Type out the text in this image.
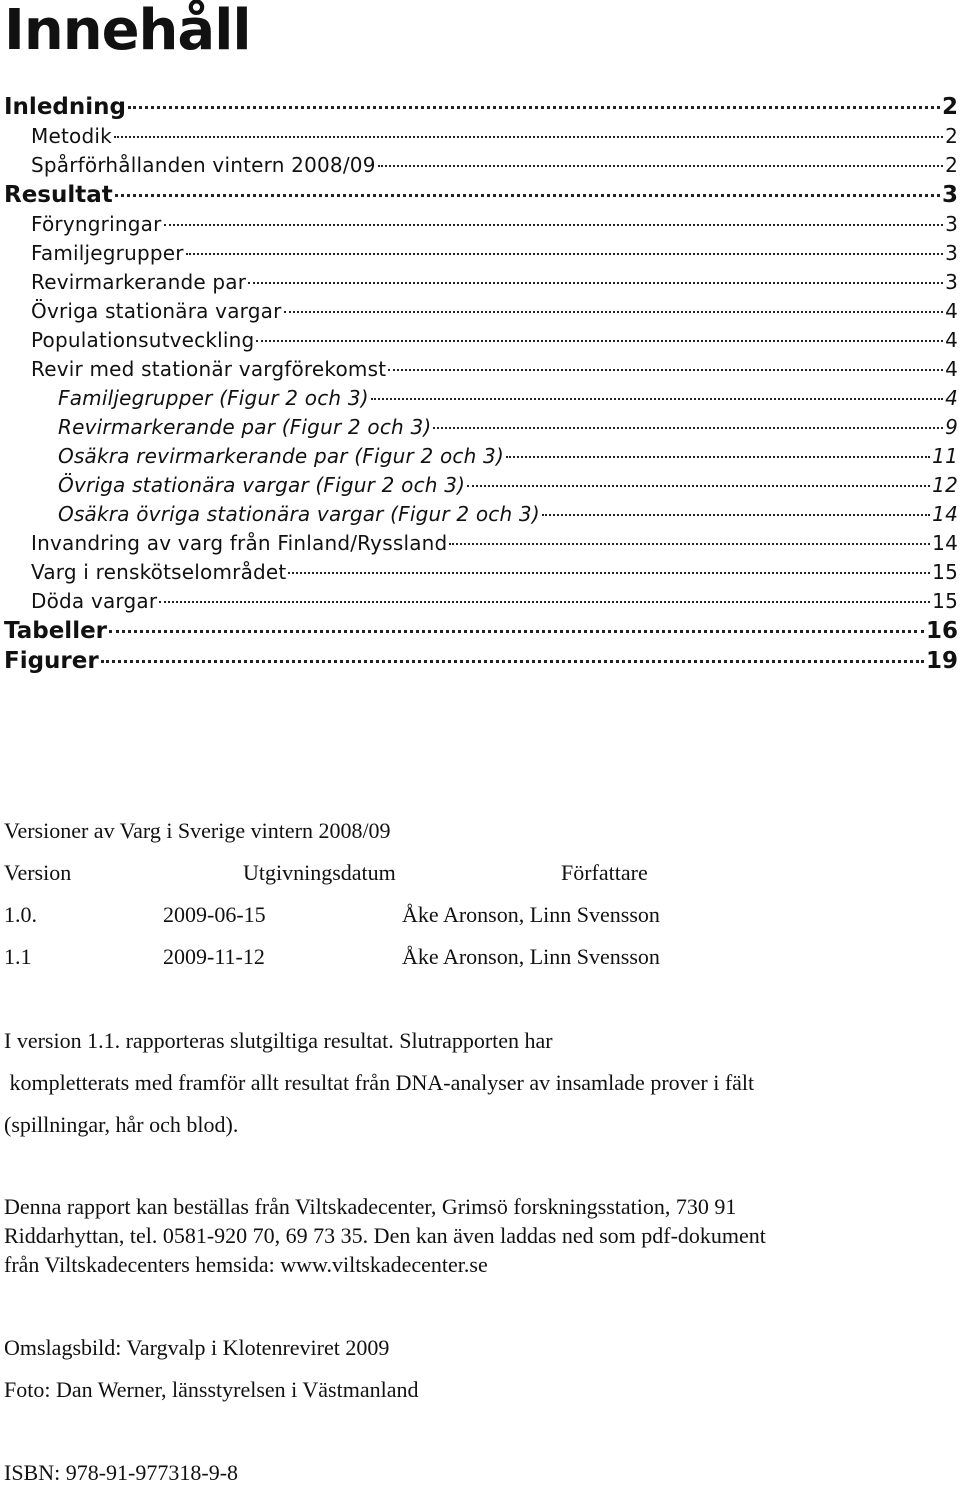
Innehåll
Inledning	2
Metodik	2
Spårförhållanden vintern 2008/09	2
Resultat	3
Föryngringar	3
Familjegrupper	3
Revirmarkerande par	3
Övriga stationära vargar	4
Populationsutveckling	4
Revir med stationär vargförekomst	4
Familjegrupper (Figur 2 och 3)	4
Revirmarkerande par (Figur 2 och 3)	9
Osäkra revirmarkerande par (Figur 2 och 3)	11
Övriga stationära vargar (Figur 2 och 3)	12
Osäkra övriga stationära vargar (Figur 2 och 3)	14
Invandring av varg från Finland/Ryssland	14
Varg i renskötselområdet	15
Döda vargar	15
Tabeller	16
Figurer	19
Versioner av Varg i Sverige vintern 2008/09
Version	Utgivningsdatum	Författare
1.0.	2009-06-15	Åke Aronson, Linn Svensson
1.1	2009-11-12	Åke Aronson, Linn Svensson
I version 1.1. rapporteras slutgiltiga resultat. Slutrapporten har
kompletterats med framför allt resultat från DNA-analyser av insamlade prover i fält
(spillningar, hår och blod).
Denna rapport kan beställas från Viltskadecenter, Grimsö forskningsstation, 730 91
Riddarhyttan, tel. 0581-920 70, 69 73 35. Den kan även laddas ned som pdf-dokument
från Viltskadecenters hemsida: www.viltskadecenter.se
Omslagsbild: Vargvalp i Klotenreviret 2009
Foto: Dan Werner, länsstyrelsen i Västmanland
ISBN: 978-91-977318-9-8
